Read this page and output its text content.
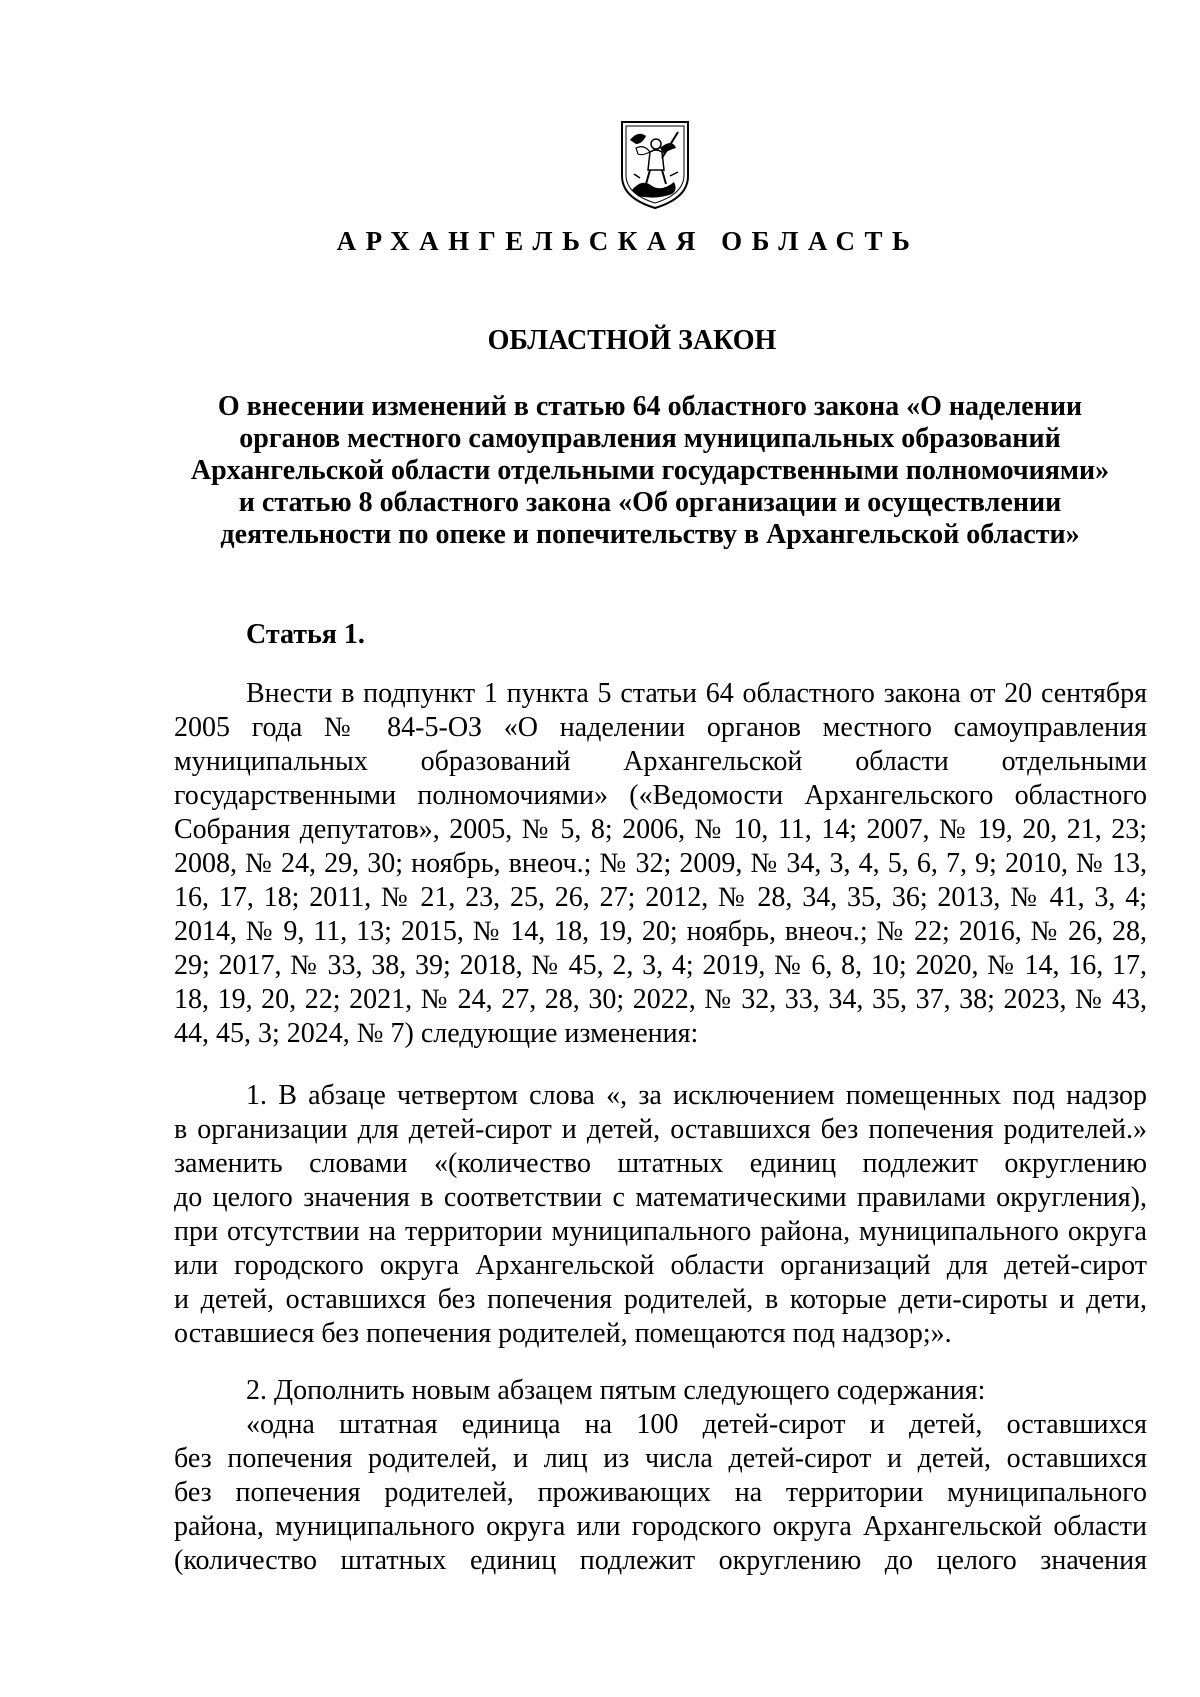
АРХАНГЕЛЬСКАЯ ОБЛАСТЬ
ОБЛАСТНОЙ ЗАКОН
О внесении изменений в статью 64 областного закона «О наделении
органов местного самоуправления муниципальных образований
Архангельской области отдельными государственными полномочиями»
и статью 8 областного закона «Об организации и осуществлении
деятельности по опеке и попечительству в Архангельской области»
Статья 1.
Внести в подпункт 1 пункта 5 статьи 64 областного закона от 20 сентября
2005 года № 84-5-ОЗ «О наделении органов местного самоуправления
муниципальных образований Архангельской области отдельными
государственными полномочиями» («Ведомости Архангельского областного
Собрания депутатов», 2005, № 5, 8; 2006, № 10, 11, 14; 2007, № 19, 20, 21, 23;
2008, № 24, 29, 30; ноябрь, внеоч.; № 32; 2009, № 34, 3, 4, 5, 6, 7, 9; 2010, № 13,
16, 17, 18; 2011, № 21, 23, 25, 26, 27; 2012, № 28, 34, 35, 36; 2013, № 41, 3, 4;
2014, № 9, 11, 13; 2015, № 14, 18, 19, 20; ноябрь, внеоч.; № 22; 2016, № 26, 28,
29; 2017, № 33, 38, 39; 2018, № 45, 2, 3, 4; 2019, № 6, 8, 10; 2020, № 14, 16, 17,
18, 19, 20, 22; 2021, № 24, 27, 28, 30; 2022, № 32, 33, 34, 35, 37, 38; 2023, № 43,
44, 45, 3; 2024, № 7) следующие изменения:
1. В абзаце четвертом слова «, за исключением помещенных под надзор
в организации для детей-сирот и детей, оставшихся без попечения родителей.»
заменить словами «(количество штатных единиц подлежит округлению
до целого значения в соответствии с математическими правилами округления),
при отсутствии на территории муниципального района, муниципального округа
или городского округа Архангельской области организаций для детей-сирот
и детей, оставшихся без попечения родителей, в которые дети-сироты и дети,
оставшиеся без попечения родителей, помещаются под надзор;».
2. Дополнить новым абзацем пятым следующего содержания:
«одна штатная единица на 100 детей-сирот и детей, оставшихся
без попечения родителей, и лиц из числа детей-сирот и детей, оставшихся
без попечения родителей, проживающих на территории муниципального
района, муниципального округа или городского округа Архангельской области
(количество штатных единиц подлежит округлению до целого значения
